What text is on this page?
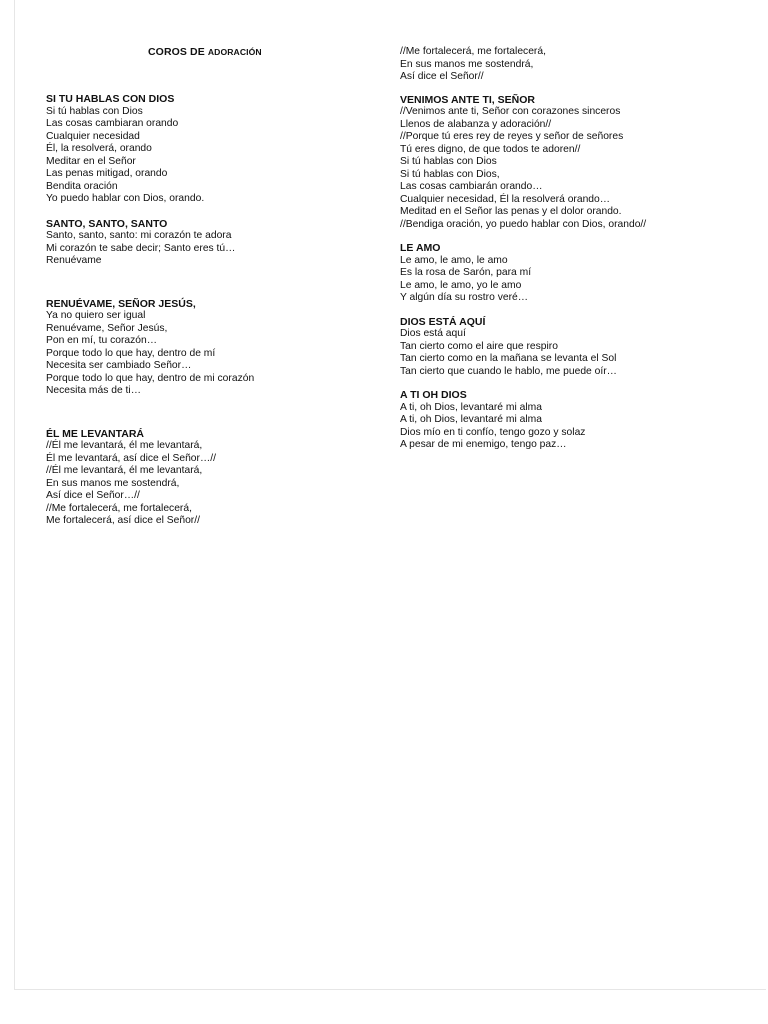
COROS DE ADORACIÓN
SI TU HABLAS CON DIOS
Si tú hablas con Dios
Las cosas cambiaran orando
Cualquier necesidad
Él, la resolverá, orando
Meditar en el Señor
Las penas mitigad, orando
Bendita oración
Yo puedo hablar con Dios, orando.
SANTO, SANTO, SANTO
Santo, santo, santo: mi corazón te adora
Mi corazón te sabe decir; Santo eres tú…
Renuévame
RENUÉVAME, SEÑOR JESÚS,
Ya no quiero ser igual
Renuévame, Señor Jesús,
Pon en mí, tu corazón…
Porque todo lo que hay, dentro de mí
Necesita ser cambiado Señor…
Porque todo lo que hay, dentro de mi corazón
Necesita más de ti…
ÉL ME LEVANTARÁ
//Él me levantará, él me levantará,
Él me levantará, así dice el Señor…//
//Él me levantará, él me levantará,
En sus manos me sostendrá,
Así dice el Señor…//
//Me fortalecerá, me fortalecerá,
Me fortalecerá, así dice el Señor//
//Me fortalecerá, me fortalecerá,
En sus manos me sostendrá,
Así dice el Señor//
VENIMOS ANTE TI, SEÑOR
//Venimos ante ti, Señor con corazones sinceros
Llenos de alabanza y adoración//
//Porque tú eres rey de reyes y señor de señores
Tú eres digno, de que todos te adoren//
Si tú hablas con Dios
Si tú hablas con Dios,
Las cosas cambiarán orando…
Cualquier necesidad, Él la resolverá orando…
Meditad en el Señor las penas y el dolor orando.
//Bendiga oración, yo puedo hablar con Dios, orando//
LE AMO
Le amo, le amo, le amo
Es la rosa de Sarón, para mí
Le amo, le amo, yo le amo
Y algún día su rostro veré…
DIOS ESTÁ AQUÍ
Dios está aquí
Tan cierto como el aire que respiro
Tan cierto como en la mañana se levanta el Sol
Tan cierto que cuando le hablo, me puede oír…
A TI OH DIOS
A ti, oh Dios, levantaré mi alma
A ti, oh Dios, levantaré mi alma
Dios mío en ti confío, tengo gozo y solaz
A pesar de mi enemigo, tengo paz…
